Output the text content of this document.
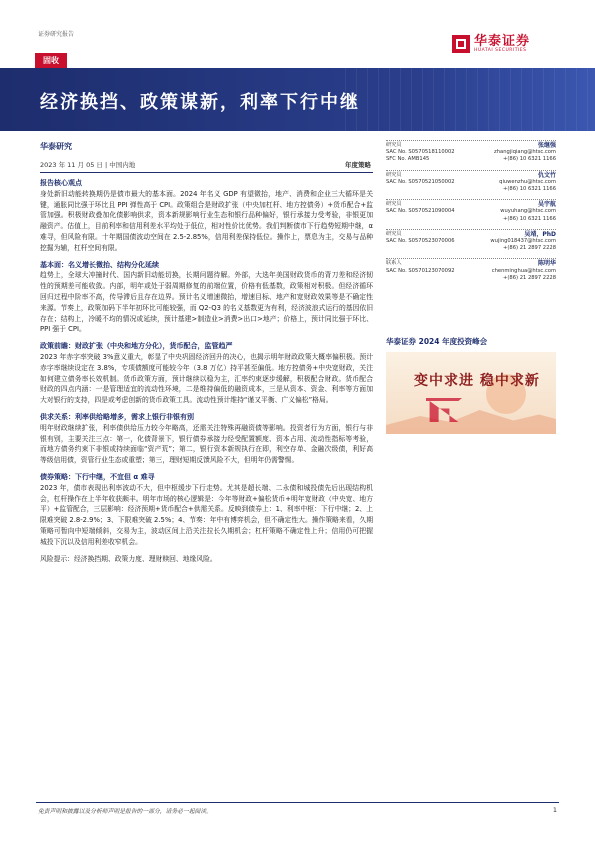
证券研究报告	华泰证券
HUATAI SECURITIES
固收
经济换挡、政策谋新，利率下行中继
华泰研究
2023 年 11 月 05 日 | 中国内地	年度策略
报告核心观点

身处新旧动能转换期仍是债市最大的基本面。2024 年名义 GDP 有望微抬，地产、消费和企业三大循环是关键，通胀同比强于环比且 PPI 弹性高于 CPI。政策组合是财政扩张（中央加杠杆、地方控债务）+货币配合+监管加强。积极财政叠加化债影响供求，资本新规影响行业生态和银行品种偏好，银行承接力受考验，非银更加融资产。估值上，目前利率和信用利差水平均处于低位，相对性价比优势。我们判断债市下行趋势短期中继，α 难寻，但风险有限。十年期国债波动空间在 2.5-2.85%，信用利差保持低位。操作上，票息为主，交易与品种挖掘为辅，杠杆空间有限。

基本面：名义增长微抬、结构分化延续
趋势上，全球大冲撞时代、国内新旧动能切换，长期问题待解。外部，大选年美国财政货币的背刀差和经济韧性的预期差可能收敛。内部，明年或处于弱周期修复的前端位置，价格有低基数，政策相对积极。但经济循环回归过程中阶率不高，传导滞后且存在边界。预计名义增速微抬，增速目标、地产和宽财政效果等是不确定性来源。节奏上，政策加码下半年初环比可能较强，而 Q2-Q3 的名义基数更为有利，经济波浪式运行的基因依旧存在；结构上，冷暖不均的情况或延续，预计基建>制造业>消费>出口>地产；价格上，预计同比强于环比、PPI 强于 CPI。

政策前瞻：财政扩张（中央和地方分化），货币配合，监管趋严
2023 年赤字率突破 3%意义重大，彰显了中央巩固经济回升的决心，也揭示明年财政政策大概率偏积极。预计赤字率继续设定在 3.8%，专项债额度可能较今年（3.8 万亿）持平甚至偏低。地方控债务+中央宽财政，关注如何建立债务率长效机制。货币政策方面，预计继续以稳为主，汇率约束逐步缓解，积极配合财政。货币配合财政的四点内涵：一是管理适宜的流动性环境，二是维持偏低的融资成本，三是从资本、资金、利率等方面加大对银行的支持，四是或考虑创新的货币政策工具。流动性预计维持“谨又平衡、广义偏松”格局。

供求关系：利率供给略增多，需求上银行非银有别
明年财政继续扩张，利率债供给压力较今年略高，还需关注特殊再融资债等影响。投资者行为方面，银行与非银有别，主要关注三点：第一，化债背景下，银行债券承接力经受配置额度、资本占用、流动性指标等考验，而地方债务约束下非银或持续面临“资产荒”；第二，银行资本新规执行在即，利空存单、金融次级债，利好高等级信用债，资管行业生态或重塑；第三，理财短期反馈风险不大，但明年仍需警惕。

债券策略：下行中继，不宜但 α 难寻
2023 年，债市表现出利率波动不大，但中枢缓步下行走势。尤其是超长端、二永债和城投债先后出现结构机会，杠杆操作在上半年收获颇丰。明年市场的核心逻辑是：今年等财政+偏松货币+明年宽财政（中央宽、地方平）+监管配合，三层影响：经济预期+货币配合+供需关系。反映到债券上：1、利率中枢：下行中继；2、上限难突破 2.8-2.9%；3、下限难突破 2.5%；4、节奏：年中有博弈机会，但不确定性大。操作策略来看，久期策略可暂向中短端倾斜，交易为主，波动区间上沿关注拉长久期机会；杠杆策略不确定性上升；信用仍可把握城投下沉以及信用利差收窄机会。

风险提示：经济换挡期、政策力度、理财赎回、地缘风险。
研究员	张继强
SAC No. S0570518110002	zhangjiqiang@htsc.com
SFC No. AMB145	+(86) 10 6321 1166
研究员	仇文竹
SAC No. S0570521050002	qiuwenzhu@htsc.com
+(86) 10 6321 1166
研究员	吴宇航
SAC No. S0570521090004	wuyuhang@htsc.com
+(86) 10 6321 1166
研究员	吴靖，PhD
SAC No. S0570523070006	wujing018437@htsc.com
+(86) 21 2897 2228
联系人	陈明华
SAC No. S0570123070092	chenminghua@htsc.com
+(86) 21 2897 2228
华泰证券 2024 年度投资峰会
变中求进 稳中求新
免责声明和披露以及分析师声明是报告的一部分，请务必一起阅读。	1
